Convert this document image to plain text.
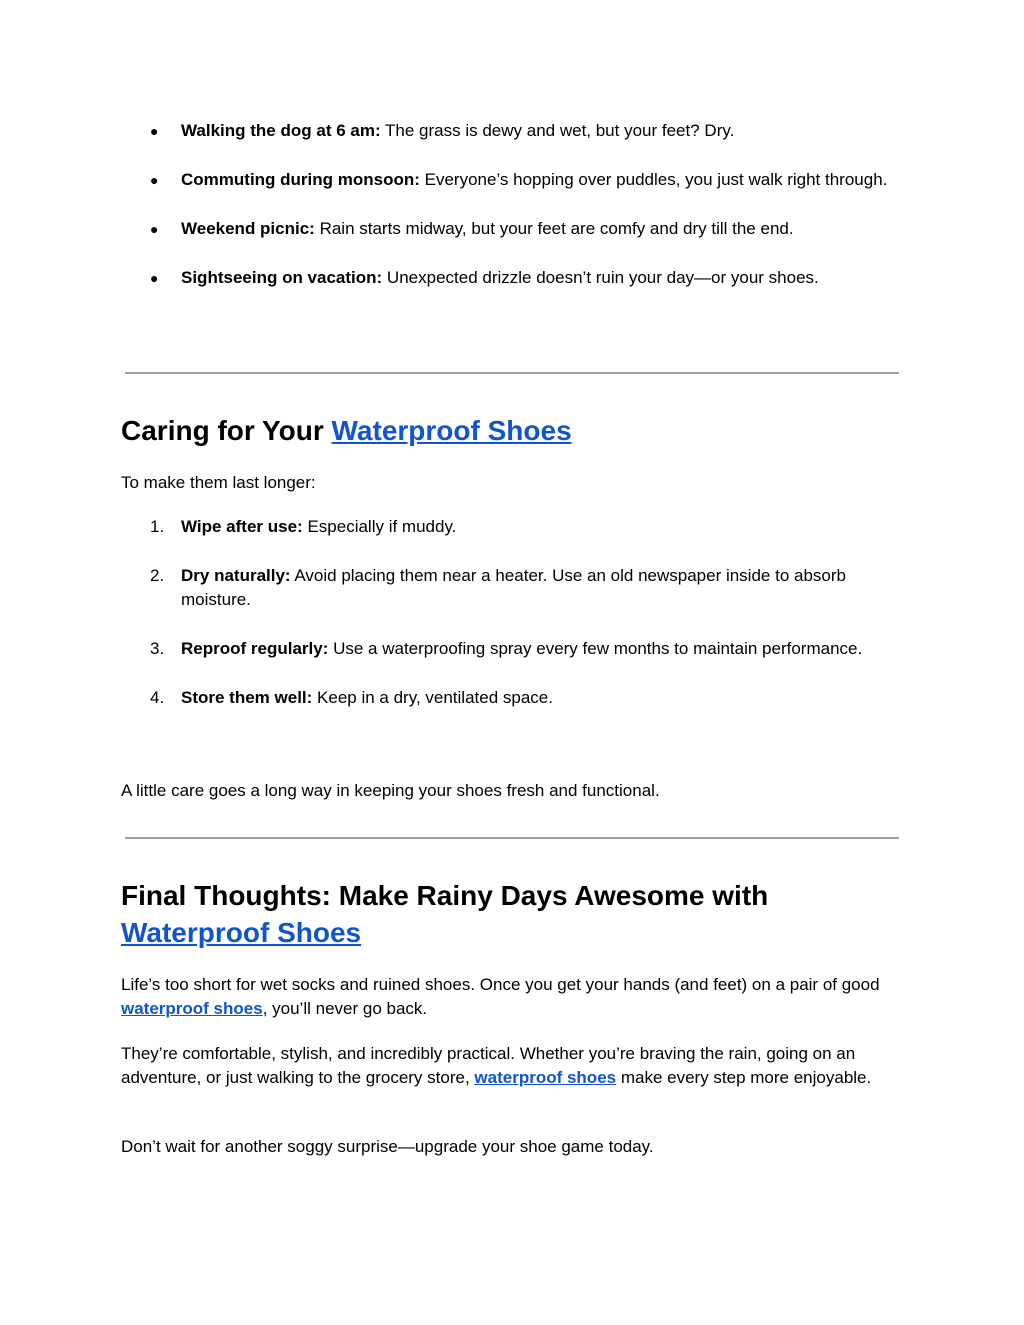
● Walking the dog at 6 am: The grass is dewy and wet, but your feet? Dry.
● Commuting during monsoon: Everyone’s hopping over puddles, you just walk right through.
● Weekend picnic: Rain starts midway, but your feet are comfy and dry till the end.
● Sightseeing on vacation: Unexpected drizzle doesn’t ruin your day—or your shoes.
Caring for Your Waterproof Shoes

To make them last longer:

1. Wipe after use: Especially if muddy.
2. Dry naturally: Avoid placing them near a heater. Use an old newspaper inside to absorb moisture.
3. Reproof regularly: Use a waterproofing spray every few months to maintain performance.
4. Store them well: Keep in a dry, ventilated space.

A little care goes a long way in keeping your shoes fresh and functional.

Final Thoughts: Make Rainy Days Awesome with Waterproof Shoes

Life’s too short for wet socks and ruined shoes. Once you get your hands (and feet) on a pair of good waterproof shoes, you’ll never go back.

They’re comfortable, stylish, and incredibly practical. Whether you’re braving the rain, going on an adventure, or just walking to the grocery store, waterproof shoes make every step more enjoyable.

Don’t wait for another soggy surprise—upgrade your shoe game today.
